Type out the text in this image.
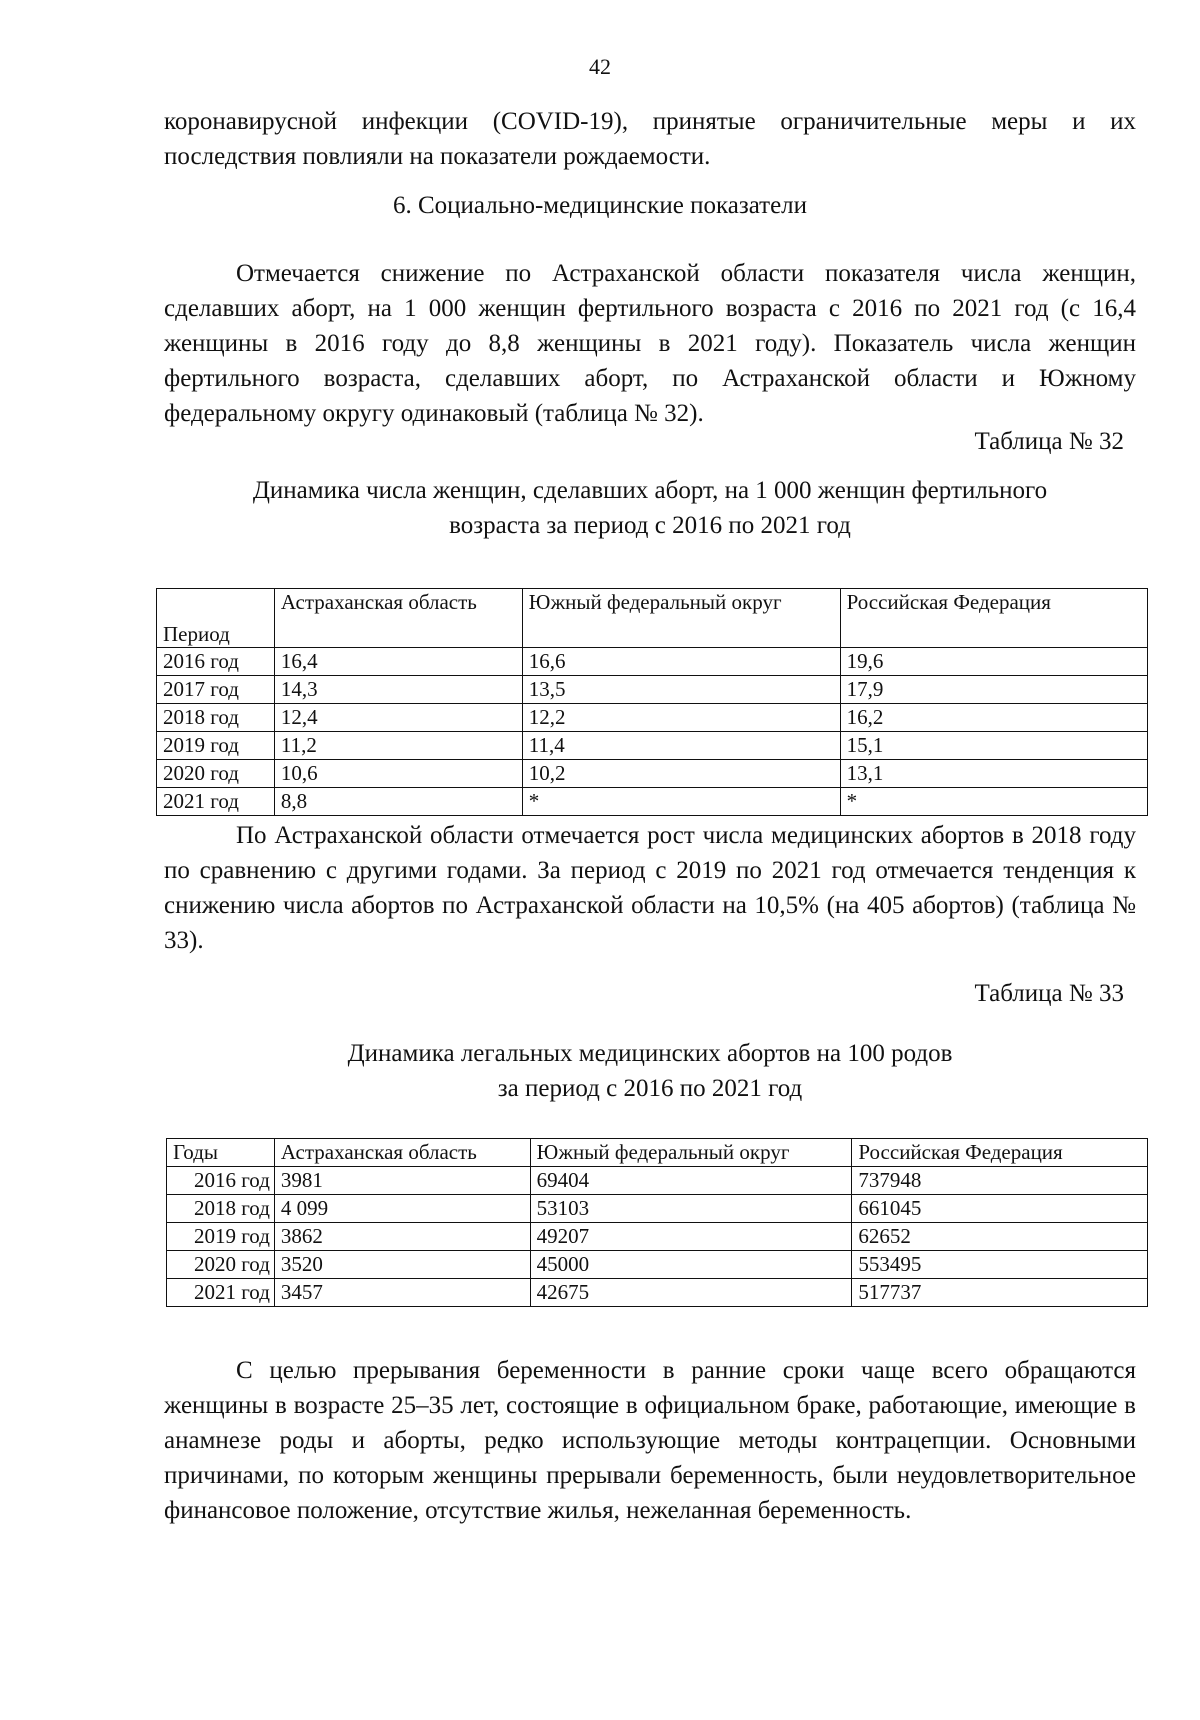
42

коронавирусной инфекции (COVID-19), принятые ограничительные меры и их последствия повлияли на показатели рождаемости.

6. Социально-медицинские показатели

Отмечается снижение по Астраханской области показателя числа женщин, сделавших аборт, на 1 000 женщин фертильного возраста с 2016 по 2021 год (с 16,4 женщины в 2016 году до 8,8 женщины в 2021 году). Показатель числа женщин фертильного возраста, сделавших аборт, по Астраханской области и Южному федеральному округу одинаковый (таблица № 32).

Таблица № 32

Динамика числа женщин, сделавших аборт, на 1 000 женщин фертильного
возраста за период с 2016 по 2021 год

Период	Астраханская область	Южный федеральный округ	Российская Федерация
2016 год	16,4	16,6	19,6
2017 год	14,3	13,5	17,9
2018 год	12,4	12,2	16,2
2019 год	11,2	11,4	15,1
2020 год	10,6	10,2	13,1
2021 год	8,8	*	*

По Астраханской области отмечается рост числа медицинских абортов в 2018 году по сравнению с другими годами. За период с 2019 по 2021 год отмечается тенденция к снижению числа абортов по Астраханской области на 10,5% (на 405 абортов) (таблица № 33).

Таблица № 33

Динамика легальных медицинских абортов на 100 родов
за период с 2016 по 2021 год

Годы	Астраханская область	Южный федеральный округ	Российская Федерация
2016 год	3981	69404	737948
2018 год	4 099	53103	661045
2019 год	3862	49207	62652
2020 год	3520	45000	553495
2021 год	3457	42675	517737

С целью прерывания беременности в ранние сроки чаще всего обращаются женщины в возрасте 25–35 лет, состоящие в официальном браке, работающие, имеющие в анамнезе роды и аборты, редко использующие методы контрацепции. Основными причинами, по которым женщины прерывали беременность, были неудовлетворительное финансовое положение, отсутствие жилья, нежеланная беременность.
